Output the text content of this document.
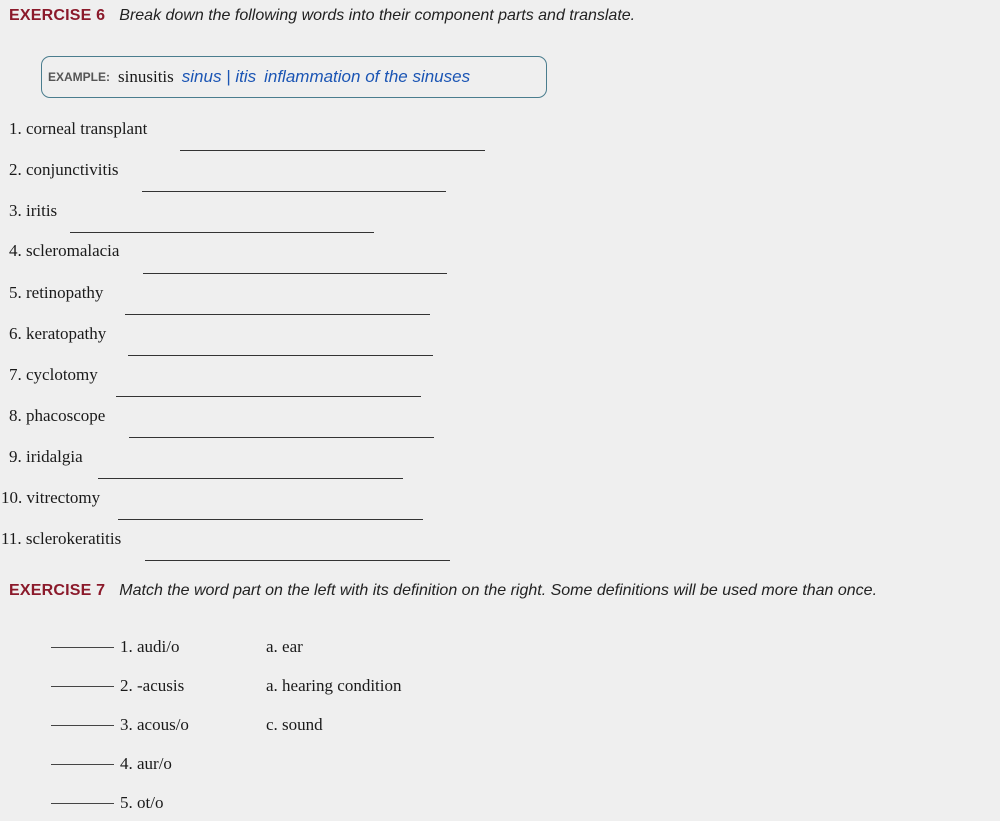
EXERCISE 6 Break down the following words into their component parts and translate.
EXAMPLE: sinusitis sinus | itis inflammation of the sinuses
1. corneal transplant
2. conjunctivitis
3. iritis
4. scleromalacia
5. retinopathy
6. keratopathy
7. cyclotomy
8. phacoscope
9. iridalgia
10. vitrectomy
11. sclerokeratitis
EXERCISE 7 Match the word part on the left with its definition on the right. Some definitions will be used more than once.
1. audi/o	a. ear
2. -acusis	a. hearing condition
3. acous/o	c. sound
4. aur/o
5. ot/o
